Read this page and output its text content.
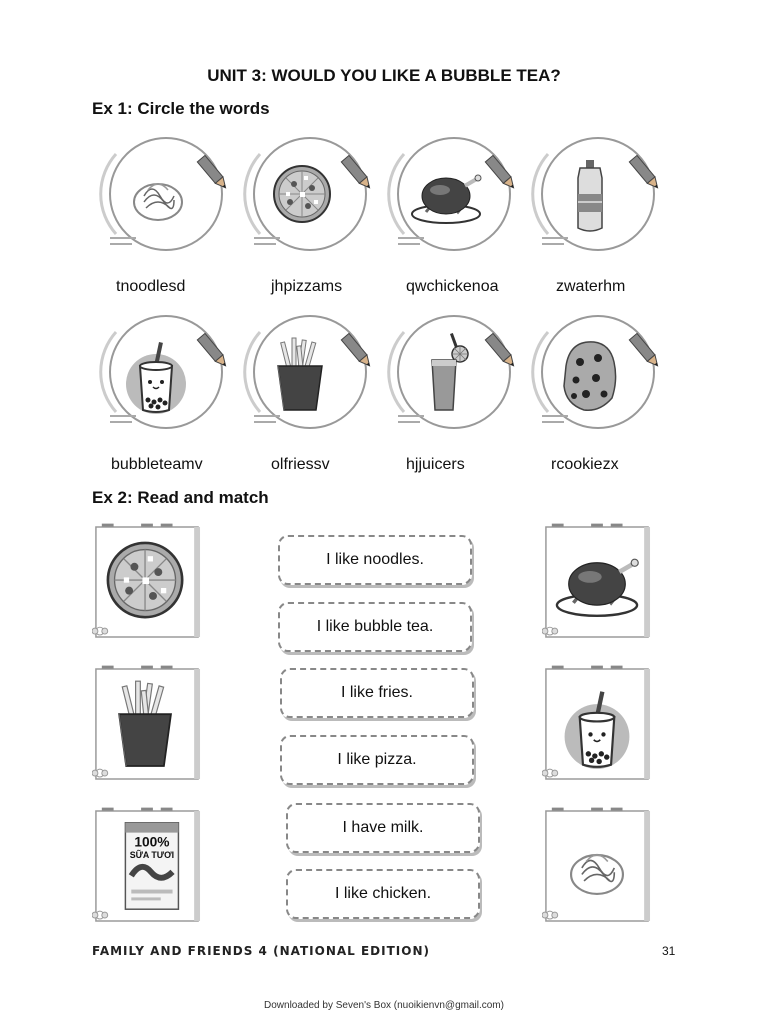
UNIT 3: WOULD YOU LIKE A BUBBLE TEA?
Ex 1: Circle the words
tnoodlesd	jhpizzams	qwchickenoa	zwaterhm
bubbleteamv	olfriessv	hjjuicers	rcookiezx
Ex 2: Read and match
100%
SỮA TƯƠI
I like noodles.
I like bubble tea.
I like fries.
I like pizza.
I have milk.
I like chicken.
FAMILY AND FRIENDS 4 (NATIONAL EDITION)	31
Downloaded by Seven's Box (nuoikienvn@gmail.com)
